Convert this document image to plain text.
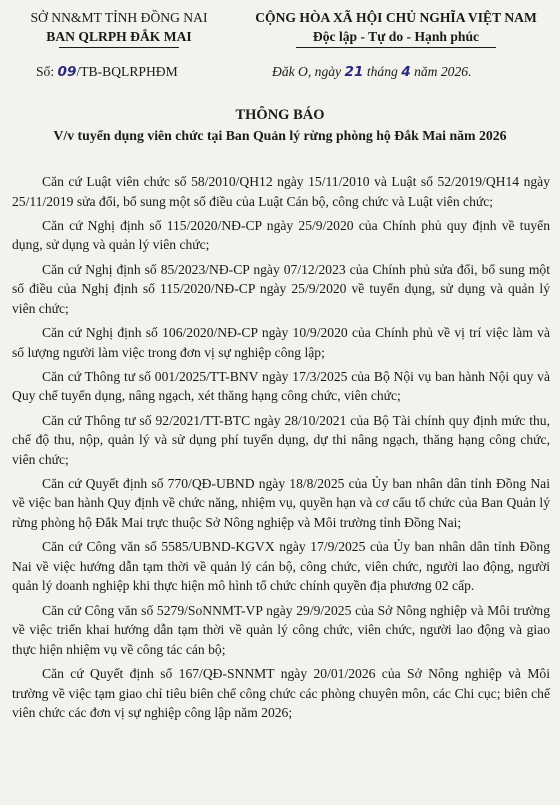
SỞ NN&MT TỈNH ĐỒNG NAI
BAN QLRPH ĐẮK MAI
CỘNG HÒA XÃ HỘI CHỦ NGHĨA VIỆT NAM
Độc lập - Tự do - Hạnh phúc
Số: 09/TB-BQLRPHĐM	Đăk O, ngày 21 tháng 4 năm 2026.
THÔNG BÁO
V/v tuyển dụng viên chức tại Ban Quản lý rừng phòng hộ Đắk Mai năm 2026

Căn cứ Luật viên chức số 58/2010/QH12 ngày 15/11/2010 và Luật số 52/2019/QH14 ngày 25/11/2019 sửa đổi, bổ sung một số điều của Luật Cán bộ, công chức và Luật viên chức;

Căn cứ Nghị định số 115/2020/NĐ-CP ngày 25/9/2020 của Chính phủ quy định về tuyển dụng, sử dụng và quản lý viên chức;

Căn cứ Nghị định số 85/2023/NĐ-CP ngày 07/12/2023 của Chính phủ sửa đổi, bổ sung một số điều của Nghị định số 115/2020/NĐ-CP ngày 25/9/2020 về tuyển dụng, sử dụng và quản lý viên chức;

Căn cứ Nghị định số 106/2020/NĐ-CP ngày 10/9/2020 của Chính phủ về vị trí việc làm và số lượng người làm việc trong đơn vị sự nghiệp công lập;

Căn cứ Thông tư số 001/2025/TT-BNV ngày 17/3/2025 của Bộ Nội vụ ban hành Nội quy và Quy chế tuyển dụng, nâng ngạch, xét thăng hạng công chức, viên chức;

Căn cứ Thông tư số 92/2021/TT-BTC ngày 28/10/2021 của Bộ Tài chính quy định mức thu, chế độ thu, nộp, quản lý và sử dụng phí tuyển dụng, dự thi nâng ngạch, thăng hạng công chức, viên chức;

Căn cứ Quyết định số 770/QĐ-UBND ngày 18/8/2025 của Ủy ban nhân dân tỉnh Đồng Nai về việc ban hành Quy định về chức năng, nhiệm vụ, quyền hạn và cơ cấu tổ chức của Ban Quản lý rừng phòng hộ Đắk Mai trực thuộc Sở Nông nghiệp và Môi trường tỉnh Đồng Nai;

Căn cứ Công văn số 5585/UBND-KGVX ngày 17/9/2025 của Ủy ban nhân dân tỉnh Đồng Nai về việc hướng dẫn tạm thời về quản lý cán bộ, công chức, viên chức, người lao động, người quản lý doanh nghiệp khi thực hiện mô hình tổ chức chính quyền địa phương 02 cấp.

Căn cứ Công văn số 5279/SoNNMT-VP ngày 29/9/2025 của Sở Nông nghiệp và Môi trường về việc triển khai hướng dẫn tạm thời về quản lý công chức, viên chức, người lao động và giao thực hiện nhiệm vụ về công tác cán bộ;

Căn cứ Quyết định số 167/QĐ-SNNMT ngày 20/01/2026 của Sở Nông nghiệp và Môi trường về việc tạm giao chỉ tiêu biên chế công chức các phòng chuyên môn, các Chi cục; biên chế viên chức các đơn vị sự nghiệp công lập năm 2026;
